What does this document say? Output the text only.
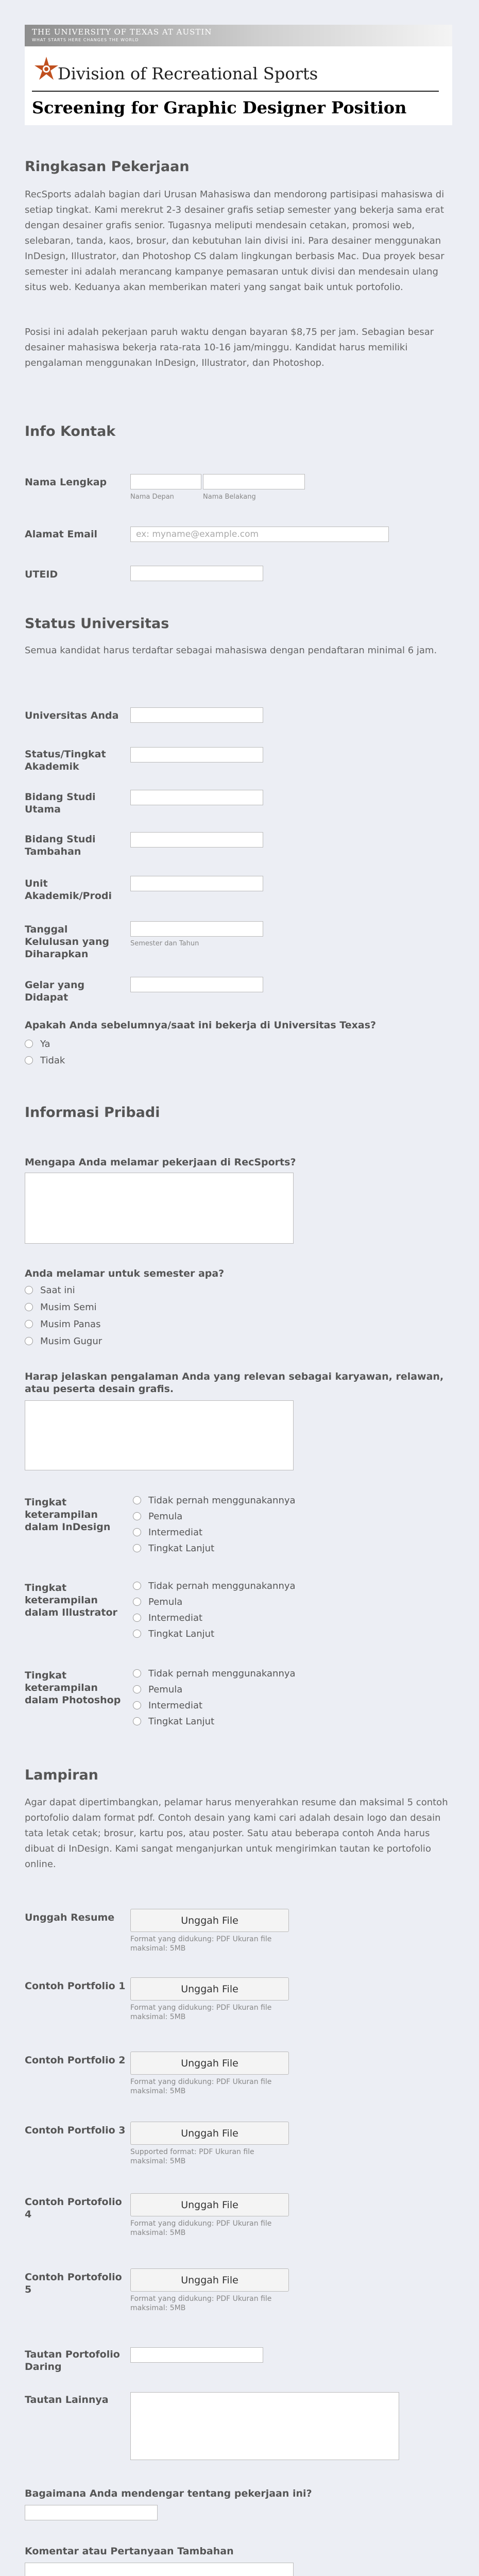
THE UNIVERSITY OF TEXAS AT AUSTIN
WHAT STARTS HERE CHANGES THE WORLD
Division of Recreational Sports
Screening for Graphic Designer Position
Ringkasan Pekerjaan

RecSports adalah bagian dari Urusan Mahasiswa dan mendorong partisipasi mahasiswa di setiap tingkat. Kami merekrut 2-3 desainer grafis setiap semester yang bekerja sama erat dengan desainer grafis senior. Tugasnya meliputi mendesain cetakan, promosi web, selebaran, tanda, kaos, brosur, dan kebutuhan lain divisi ini. Para desainer menggunakan InDesign, Illustrator, dan Photoshop CS dalam lingkungan berbasis Mac. Dua proyek besar semester ini adalah merancang kampanye pemasaran untuk divisi dan mendesain ulang situs web. Keduanya akan memberikan materi yang sangat baik untuk portofolio.

Posisi ini adalah pekerjaan paruh waktu dengan bayaran $8,75 per jam. Sebagian besar desainer mahasiswa bekerja rata-rata 10-16 jam/minggu. Kandidat harus memiliki pengalaman menggunakan InDesign, Illustrator, dan Photoshop.

Info Kontak
Nama Lengkap
Nama Depan	Nama Belakang
Alamat Email
ex: myname@example.com
UTEID
Status Universitas

Semua kandidat harus terdaftar sebagai mahasiswa dengan pendaftaran minimal 6 jam.

Universitas Anda
Status/Tingkat Akademik
Bidang Studi Utama
Bidang Studi Tambahan
Unit Akademik/Prodi
Tanggal Kelulusan yang Diharapkan
Semester dan Tahun
Gelar yang Didapat
Apakah Anda sebelumnya/saat ini bekerja di Universitas Texas?
Ya
Tidak
Informasi Pribadi
Mengapa Anda melamar pekerjaan di RecSports?
Anda melamar untuk semester apa?
Saat ini
Musim Semi
Musim Panas
Musim Gugur
Harap jelaskan pengalaman Anda yang relevan sebagai karyawan, relawan, atau peserta desain grafis.
Tingkat keterampilan dalam InDesign
Tidak pernah menggunakannya
Pemula
Intermediat
Tingkat Lanjut
Tingkat keterampilan dalam Illustrator
Tidak pernah menggunakannya
Pemula
Intermediat
Tingkat Lanjut
Tingkat keterampilan dalam Photoshop
Tidak pernah menggunakannya
Pemula
Intermediat
Tingkat Lanjut
Lampiran

Agar dapat dipertimbangkan, pelamar harus menyerahkan resume dan maksimal 5 contoh portofolio dalam format pdf. Contoh desain yang kami cari adalah desain logo dan desain tata letak cetak; brosur, kartu pos, atau poster. Satu atau beberapa contoh Anda harus dibuat di InDesign. Kami sangat menganjurkan untuk mengirimkan tautan ke portofolio online.

Unggah Resume	Unggah File
Format yang didukung: PDF Ukuran file maksimal: 5MB
Contoh Portfolio 1	Unggah File
Format yang didukung: PDF Ukuran file maksimal: 5MB
Contoh Portfolio 2	Unggah File
Format yang didukung: PDF Ukuran file maksimal: 5MB
Contoh Portfolio 3	Unggah File
Supported format: PDF Ukuran file maksimal: 5MB
Contoh Portofolio 4
Unggah File
Format yang didukung: PDF Ukuran file maksimal: 5MB
Contoh Portofolio 5
Unggah File
Format yang didukung: PDF Ukuran file maksimal: 5MB
Tautan Portofolio Daring
Tautan Lainnya
Bagaimana Anda mendengar tentang pekerjaan ini?
Komentar atau Pertanyaan Tambahan
